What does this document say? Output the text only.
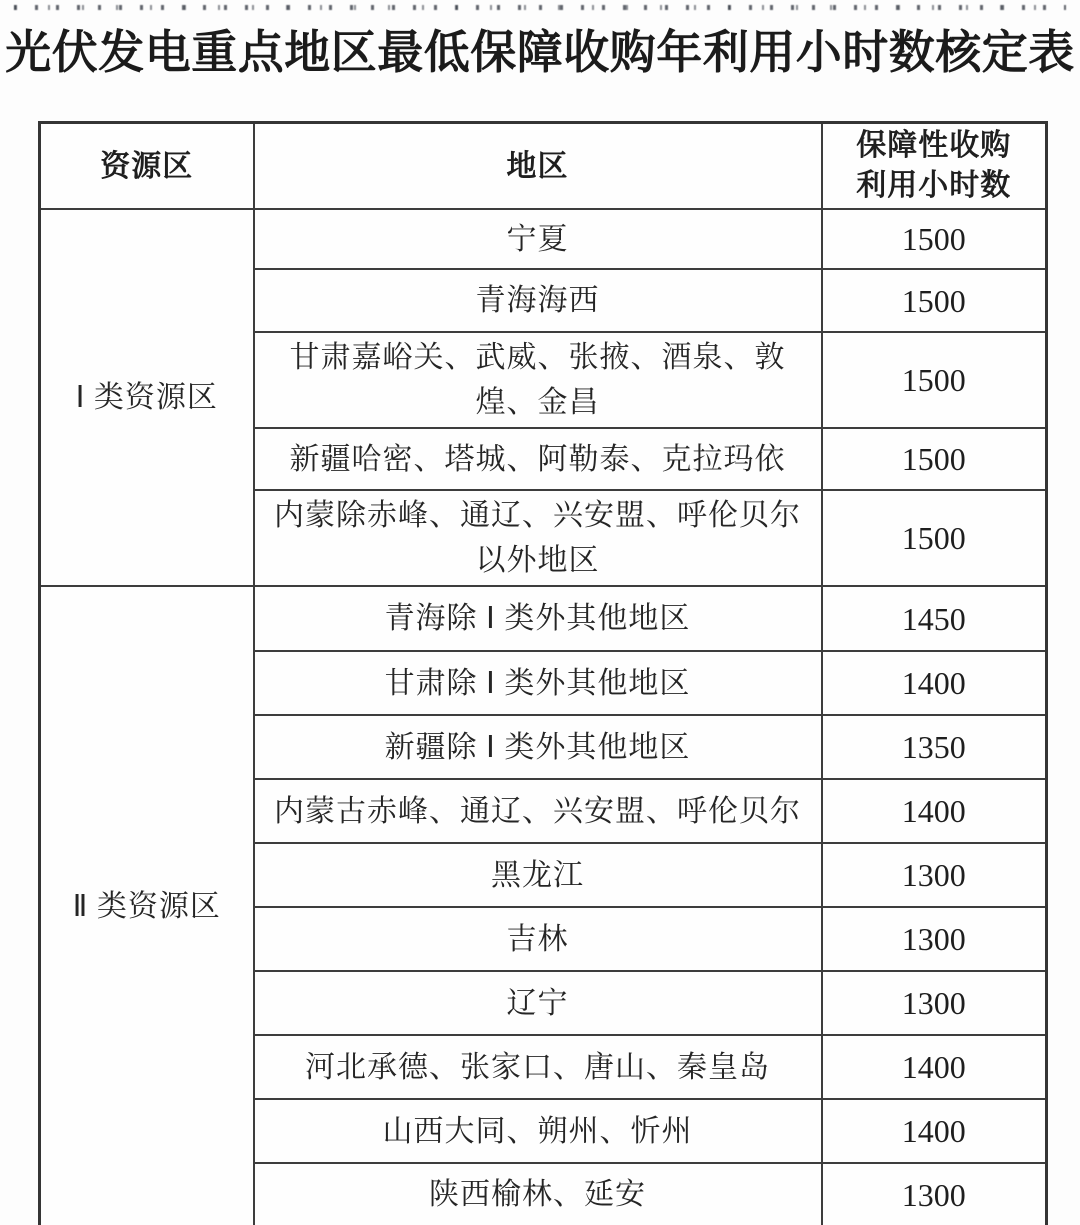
光伏发电重点地区最低保障收购年利用小时数核定表
资源区	地区	保障性收购
利用小时数

Ⅰ 类资源区	宁夏	1500
	青海海西	1500
	甘肃嘉峪关、武威、张掖、酒泉、敦煌、金昌	1500
	新疆哈密、塔城、阿勒泰、克拉玛依	1500
	内蒙除赤峰、通辽、兴安盟、呼伦贝尔以外地区	1500
Ⅱ 类资源区	青海除 Ⅰ 类外其他地区	1450
	甘肃除 Ⅰ 类外其他地区	1400
	新疆除 Ⅰ 类外其他地区	1350
	内蒙古赤峰、通辽、兴安盟、呼伦贝尔	1400
	黑龙江	1300
	吉林	1300
	辽宁	1300
	河北承德、张家口、唐山、秦皇岛	1400
	山西大同、朔州、忻州	1400
	陕西榆林、延安	1300
